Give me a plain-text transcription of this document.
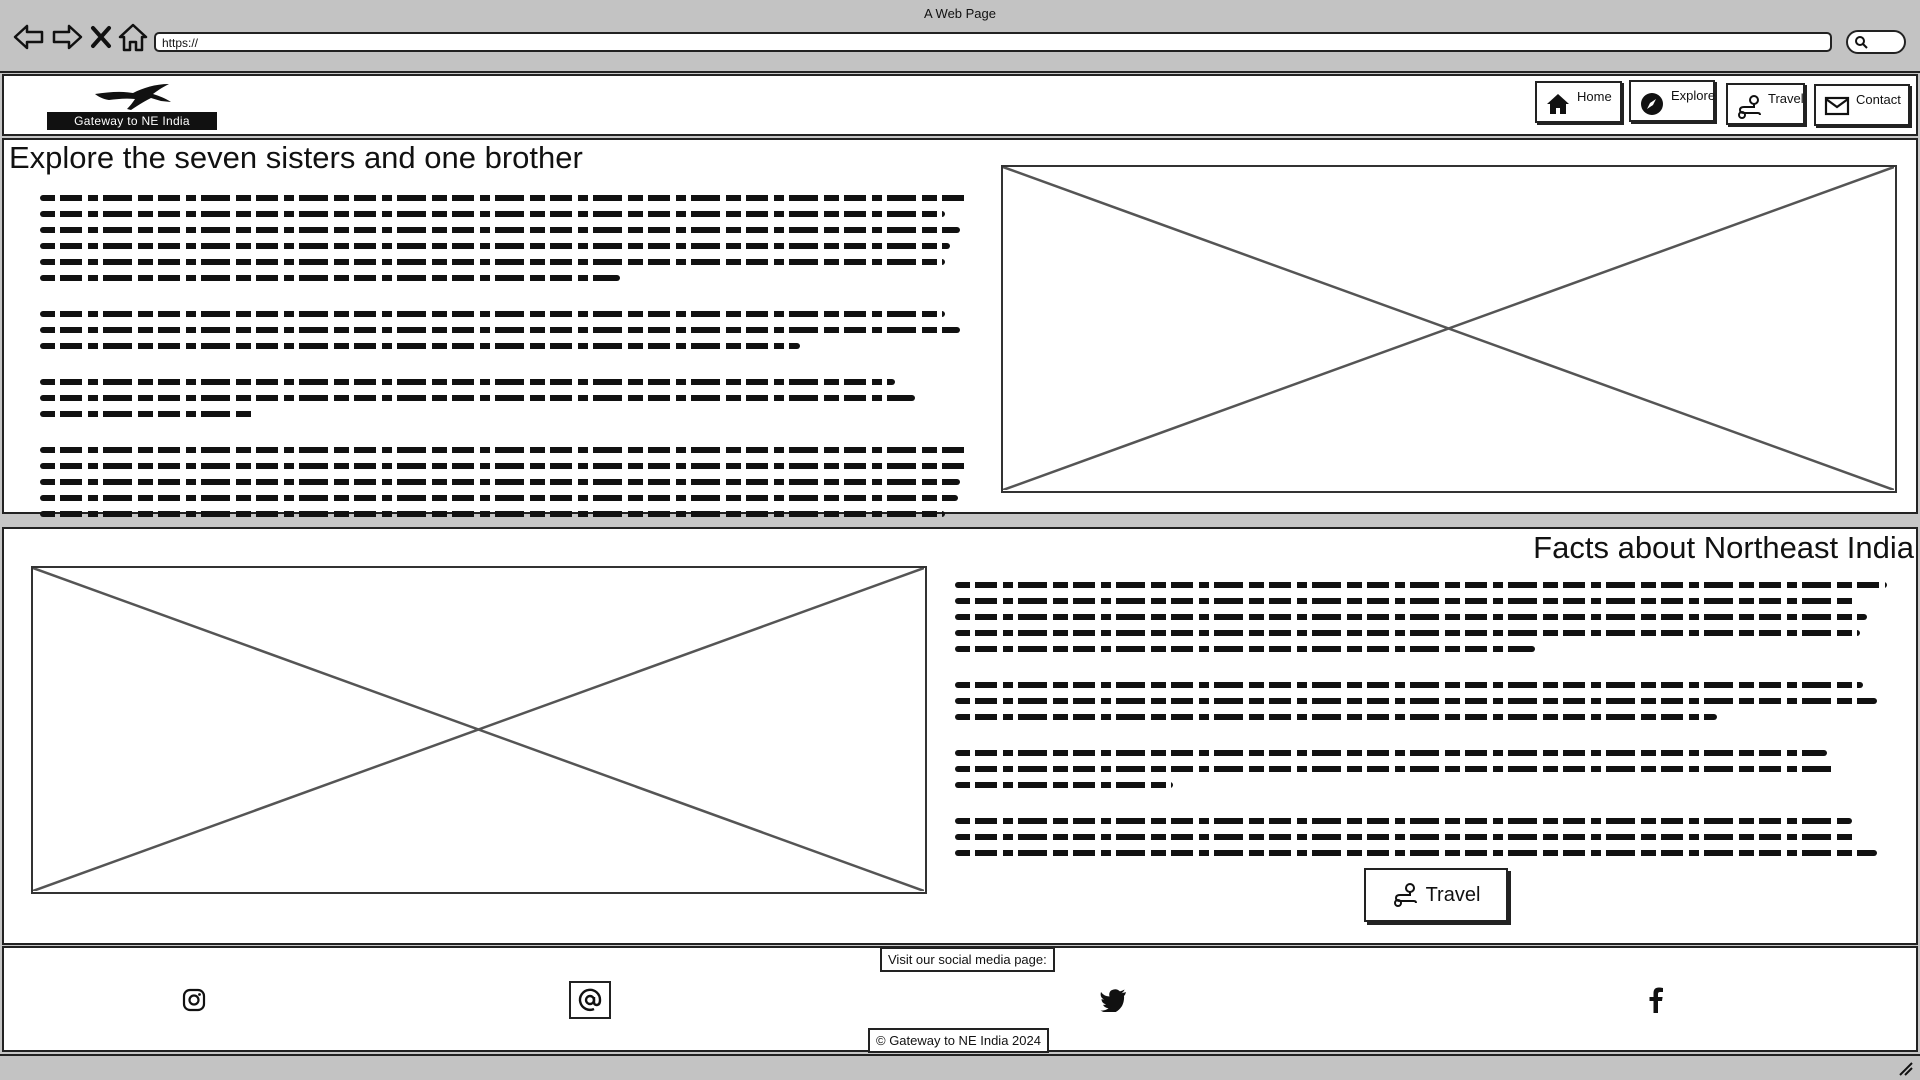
A Web Page
https://
Gateway to NE India
Home	Explore	Travel	Contact
Explore the seven sisters and one brother
Facts about Northeast India
Travel
Visit our social media page:
© Gateway to NE India 2024
